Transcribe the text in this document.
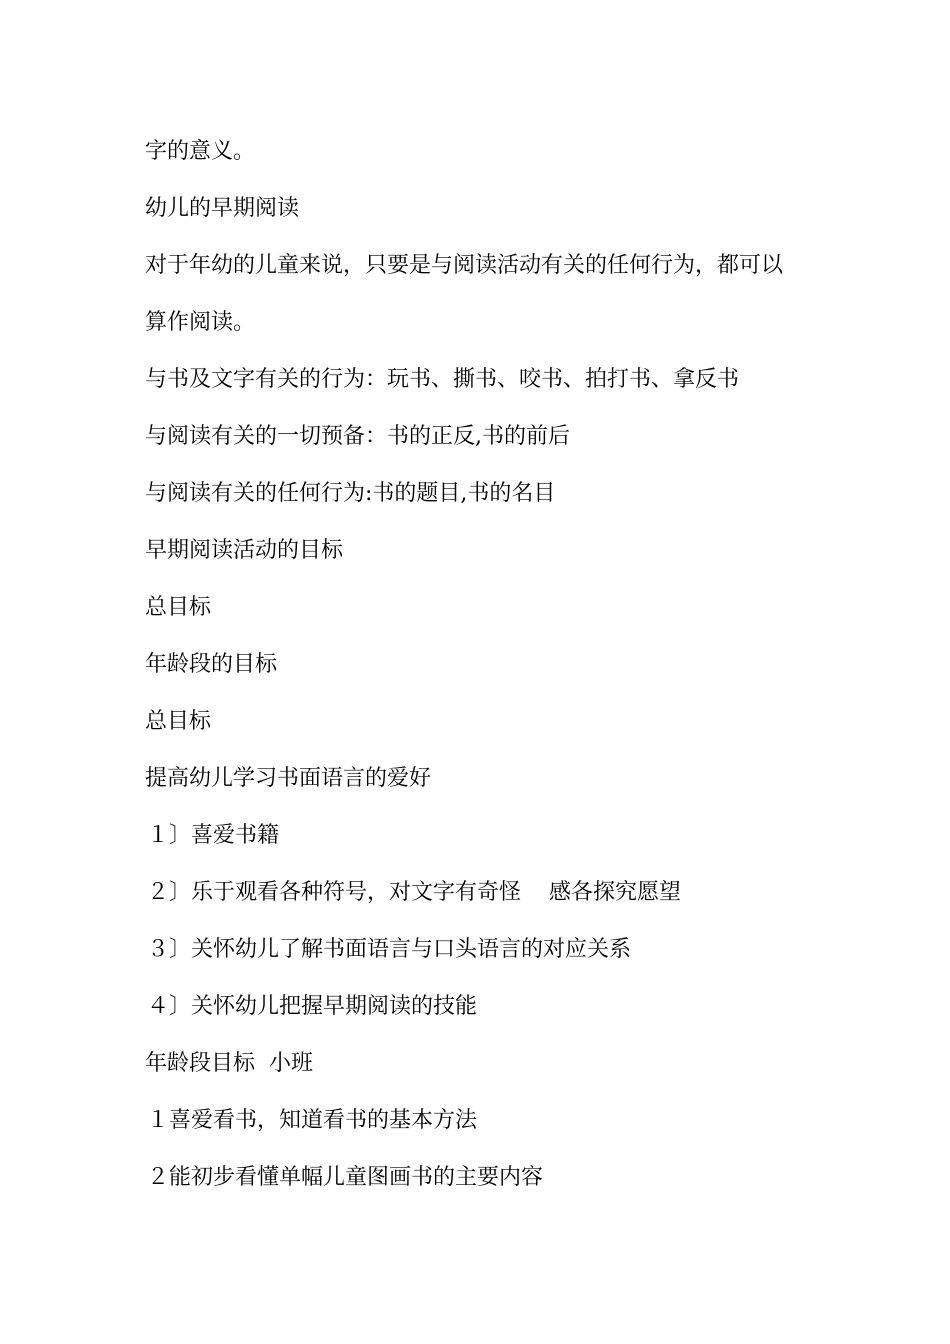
字的意义。
幼儿的早期阅读
对于年幼的儿童来说，只要是与阅读活动有关的任何行为，都可以
算作阅读。
与书及文字有关的行为：玩书、撕书、咬书、拍打书、拿反书
与阅读有关的一切预备：书的正反,书的前后
与阅读有关的任何行为:书的题目,书的名目
早期阅读活动的目标
总目标
年龄段的目标
总目标
提高幼儿学习书面语言的爱好
１〕喜爱书籍
２〕乐于观看各种符号，对文字有奇怪    感各探究愿望
３〕关怀幼儿了解书面语言与口头语言的对应关系
４〕关怀幼儿把握早期阅读的技能
年龄段目标  小班
１喜爱看书，知道看书的基本方法
２能初步看懂单幅儿童图画书的主要内容
